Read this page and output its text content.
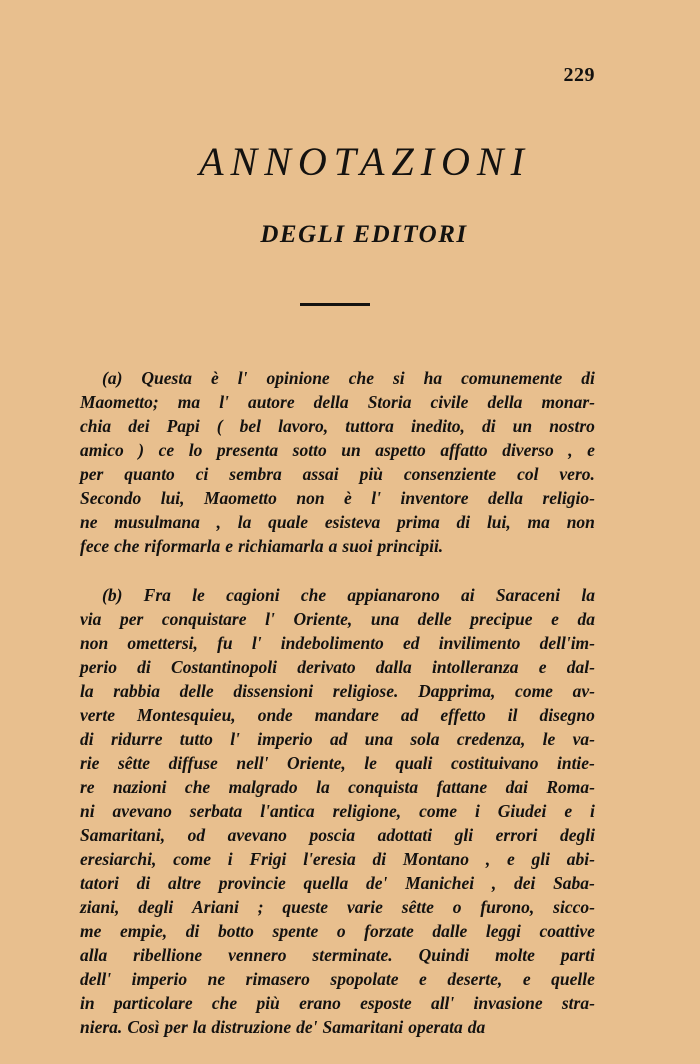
229
ANNOTAZIONI
DEGLI EDITORI
(a) Questa è l' opinione che si ha comunemente di
Maometto; ma l' autore della Storia civile della monar-
chia dei Papi ( bel lavoro, tuttora inedito, di un nostro
amico ) ce lo presenta sotto un aspetto affatto diverso , e
per quanto ci sembra assai più consenziente col vero.
Secondo lui, Maometto non è l' inventore della religio-
ne musulmana , la quale esisteva prima di lui, ma non
fece che riformarla e richiamarla a suoi principii.
(b) Fra le cagioni che appianarono ai Saraceni la
via per conquistare l' Oriente, una delle precipue e da
non omettersi, fu l' indebolimento ed invilimento dell'im-
perio di Costantinopoli derivato dalla intolleranza e dal-
la rabbia delle dissensioni religiose. Dapprima, come av-
verte Montesquieu, onde mandare ad effetto il disegno
di ridurre tutto l' imperio ad una sola credenza, le va-
rie sêtte diffuse nell' Oriente, le quali costituivano intie-
re nazioni che malgrado la conquista fattane dai Roma-
ni avevano serbata l'antica religione, come i Giudei e i
Samaritani, od avevano poscia adottati gli errori degli
eresiarchi, come i Frigi l'eresia di Montano , e gli abi-
tatori di altre provincie quella de' Manichei , dei Saba-
ziani, degli Ariani ; queste varie sêtte o furono, sicco-
me empie, di botto spente o forzate dalle leggi coattive
alla ribellione vennero sterminate. Quindi molte parti
dell' imperio ne rimasero spopolate e deserte, e quelle
in particolare che più erano esposte all' invasione stra-
niera. Così per la distruzione de' Samaritani operata da
